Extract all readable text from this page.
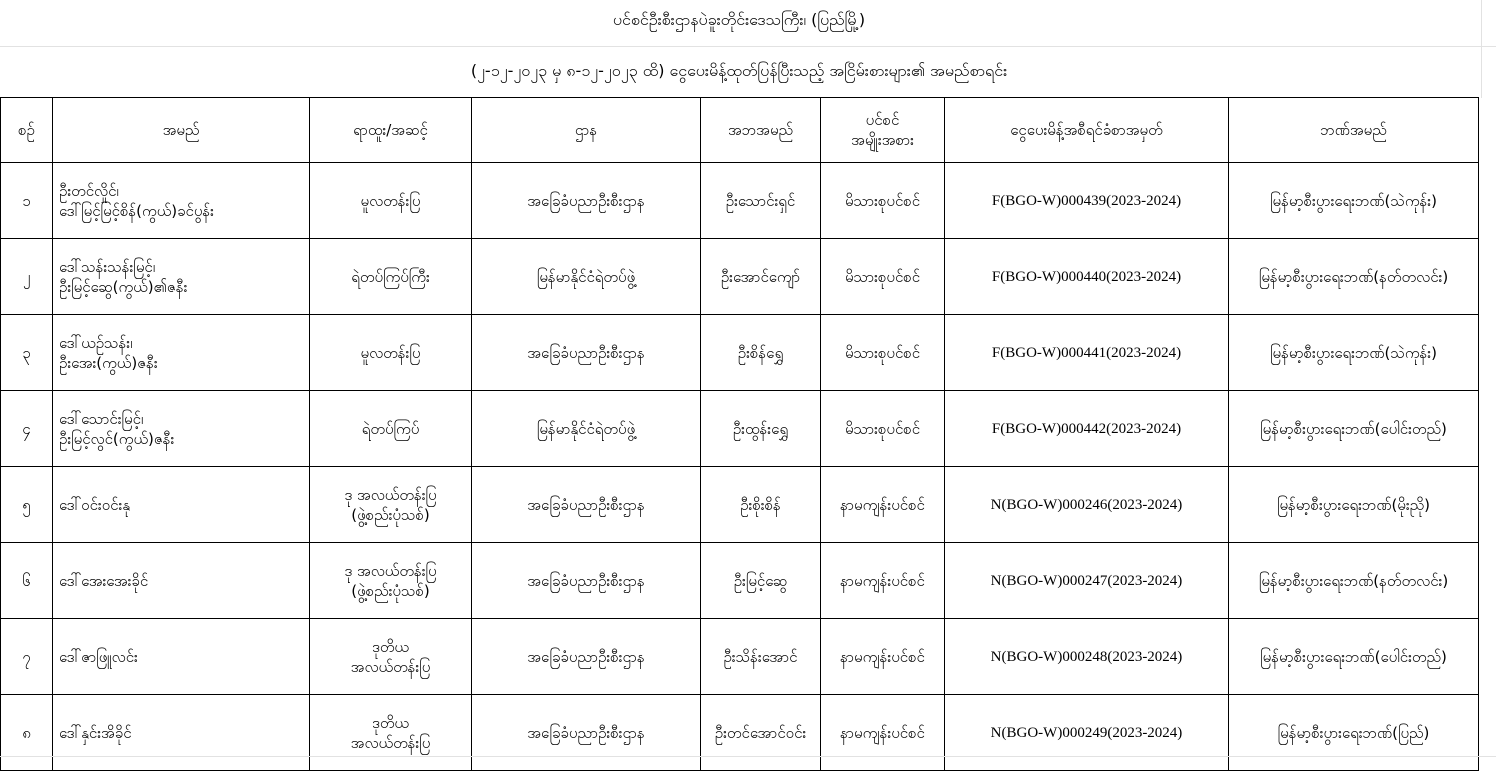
ပင်စင်ဦးစီးဌာနပဲခူးတိုင်းဒေသကြီး၊ (ပြည်မြို့)
(၂-၁၂-၂၀၂၃ မှ ၈-၁၂-၂၀၂၃ ထိ) ငွေပေးမိန့်ထုတ်ပြန်ပြီးသည့် အငြိမ်းစားများ၏ အမည်စာရင်း
စဉ်	အမည်	ရာထူး/အဆင့်	ဌာန	အဘအမည်	ပင်စင်
အမျိုးအစား	ငွေပေးမိန့်အစီရင်ခံစာအမှတ်	ဘဏ်အမည်
၁	ဦးတင်လှိုင်၊
ဒေါ်မြင့်မြင့်စိန်(ကွယ်)ခင်ပွန်း	မူလတန်းပြ	အခြေခံပညာဦးစီးဌာန	ဦးသောင်းရှင်	မိသားစုပင်စင်	F(BGO-W)000439(2023-2024)	မြန်မာ့စီးပွားရေးဘဏ်(သဲကုန်း)
၂	ဒေါ်သန်းသန်းမြင့်၊
ဦးမြင့်ဆွေ(ကွယ်)၏ဇနီး	ရဲတပ်ကြပ်ကြီး	မြန်မာနိုင်ငံရဲတပ်ဖွဲ့	ဦးအောင်ကျော်	မိသားစုပင်စင်	F(BGO-W)000440(2023-2024)	မြန်မာ့စီးပွားရေးဘဏ်(နတ်တလင်း)
၃	ဒေါ်ယဉ်သန်း၊
ဦးအေး(ကွယ်)ဇနီး	မူလတန်းပြ	အခြေခံပညာဦးစီးဌာန	ဦးစိန်ရွှေ	မိသားစုပင်စင်	F(BGO-W)000441(2023-2024)	မြန်မာ့စီးပွားရေးဘဏ်(သဲကုန်း)
၄	ဒေါ်သောင်းမြင့်၊
ဦးမြင့်လွင်(ကွယ်)ဇနီး	ရဲတပ်ကြပ်	မြန်မာနိုင်ငံရဲတပ်ဖွဲ့	ဦးထွန်းရွှေ	မိသားစုပင်စင်	F(BGO-W)000442(2023-2024)	မြန်မာ့စီးပွားရေးဘဏ်(ပေါင်းတည်)
၅	ဒေါ်ဝင်းဝင်းနု	ဒု အလယ်တန်းပြ
(ဖွဲ့စည်းပုံသစ်)	အခြေခံပညာဦးစီးဌာန	ဦးစိုးစိန်	နာမကျန်းပင်စင်	N(BGO-W)000246(2023-2024)	မြန်မာ့စီးပွားရေးဘဏ်(မိုးညို)
၆	ဒေါ်အေးအေးခိုင်	ဒု အလယ်တန်းပြ
(ဖွဲ့စည်းပုံသစ်)	အခြေခံပညာဦးစီးဌာန	ဦးမြင့်ဆွေ	နာမကျန်းပင်စင်	N(BGO-W)000247(2023-2024)	မြန်မာ့စီးပွားရေးဘဏ်(နတ်တလင်း)
၇	ဒေါ်ဇာဖြူလင်း	ဒုတိယ
အလယ်တန်းပြ	အခြေခံပညာဦးစီးဌာန	ဦးသိန်းအောင်	နာမကျန်းပင်စင်	N(BGO-W)000248(2023-2024)	မြန်မာ့စီးပွားရေးဘဏ်(ပေါင်းတည်)
၈	ဒေါ်နှင်းအိခိုင်	ဒုတိယ
အလယ်တန်းပြ	အခြေခံပညာဦးစီးဌာန	ဦးတင်အောင်ဝင်း	နာမကျန်းပင်စင်	N(BGO-W)000249(2023-2024)	မြန်မာ့စီးပွားရေးဘဏ်(ပြည်)
